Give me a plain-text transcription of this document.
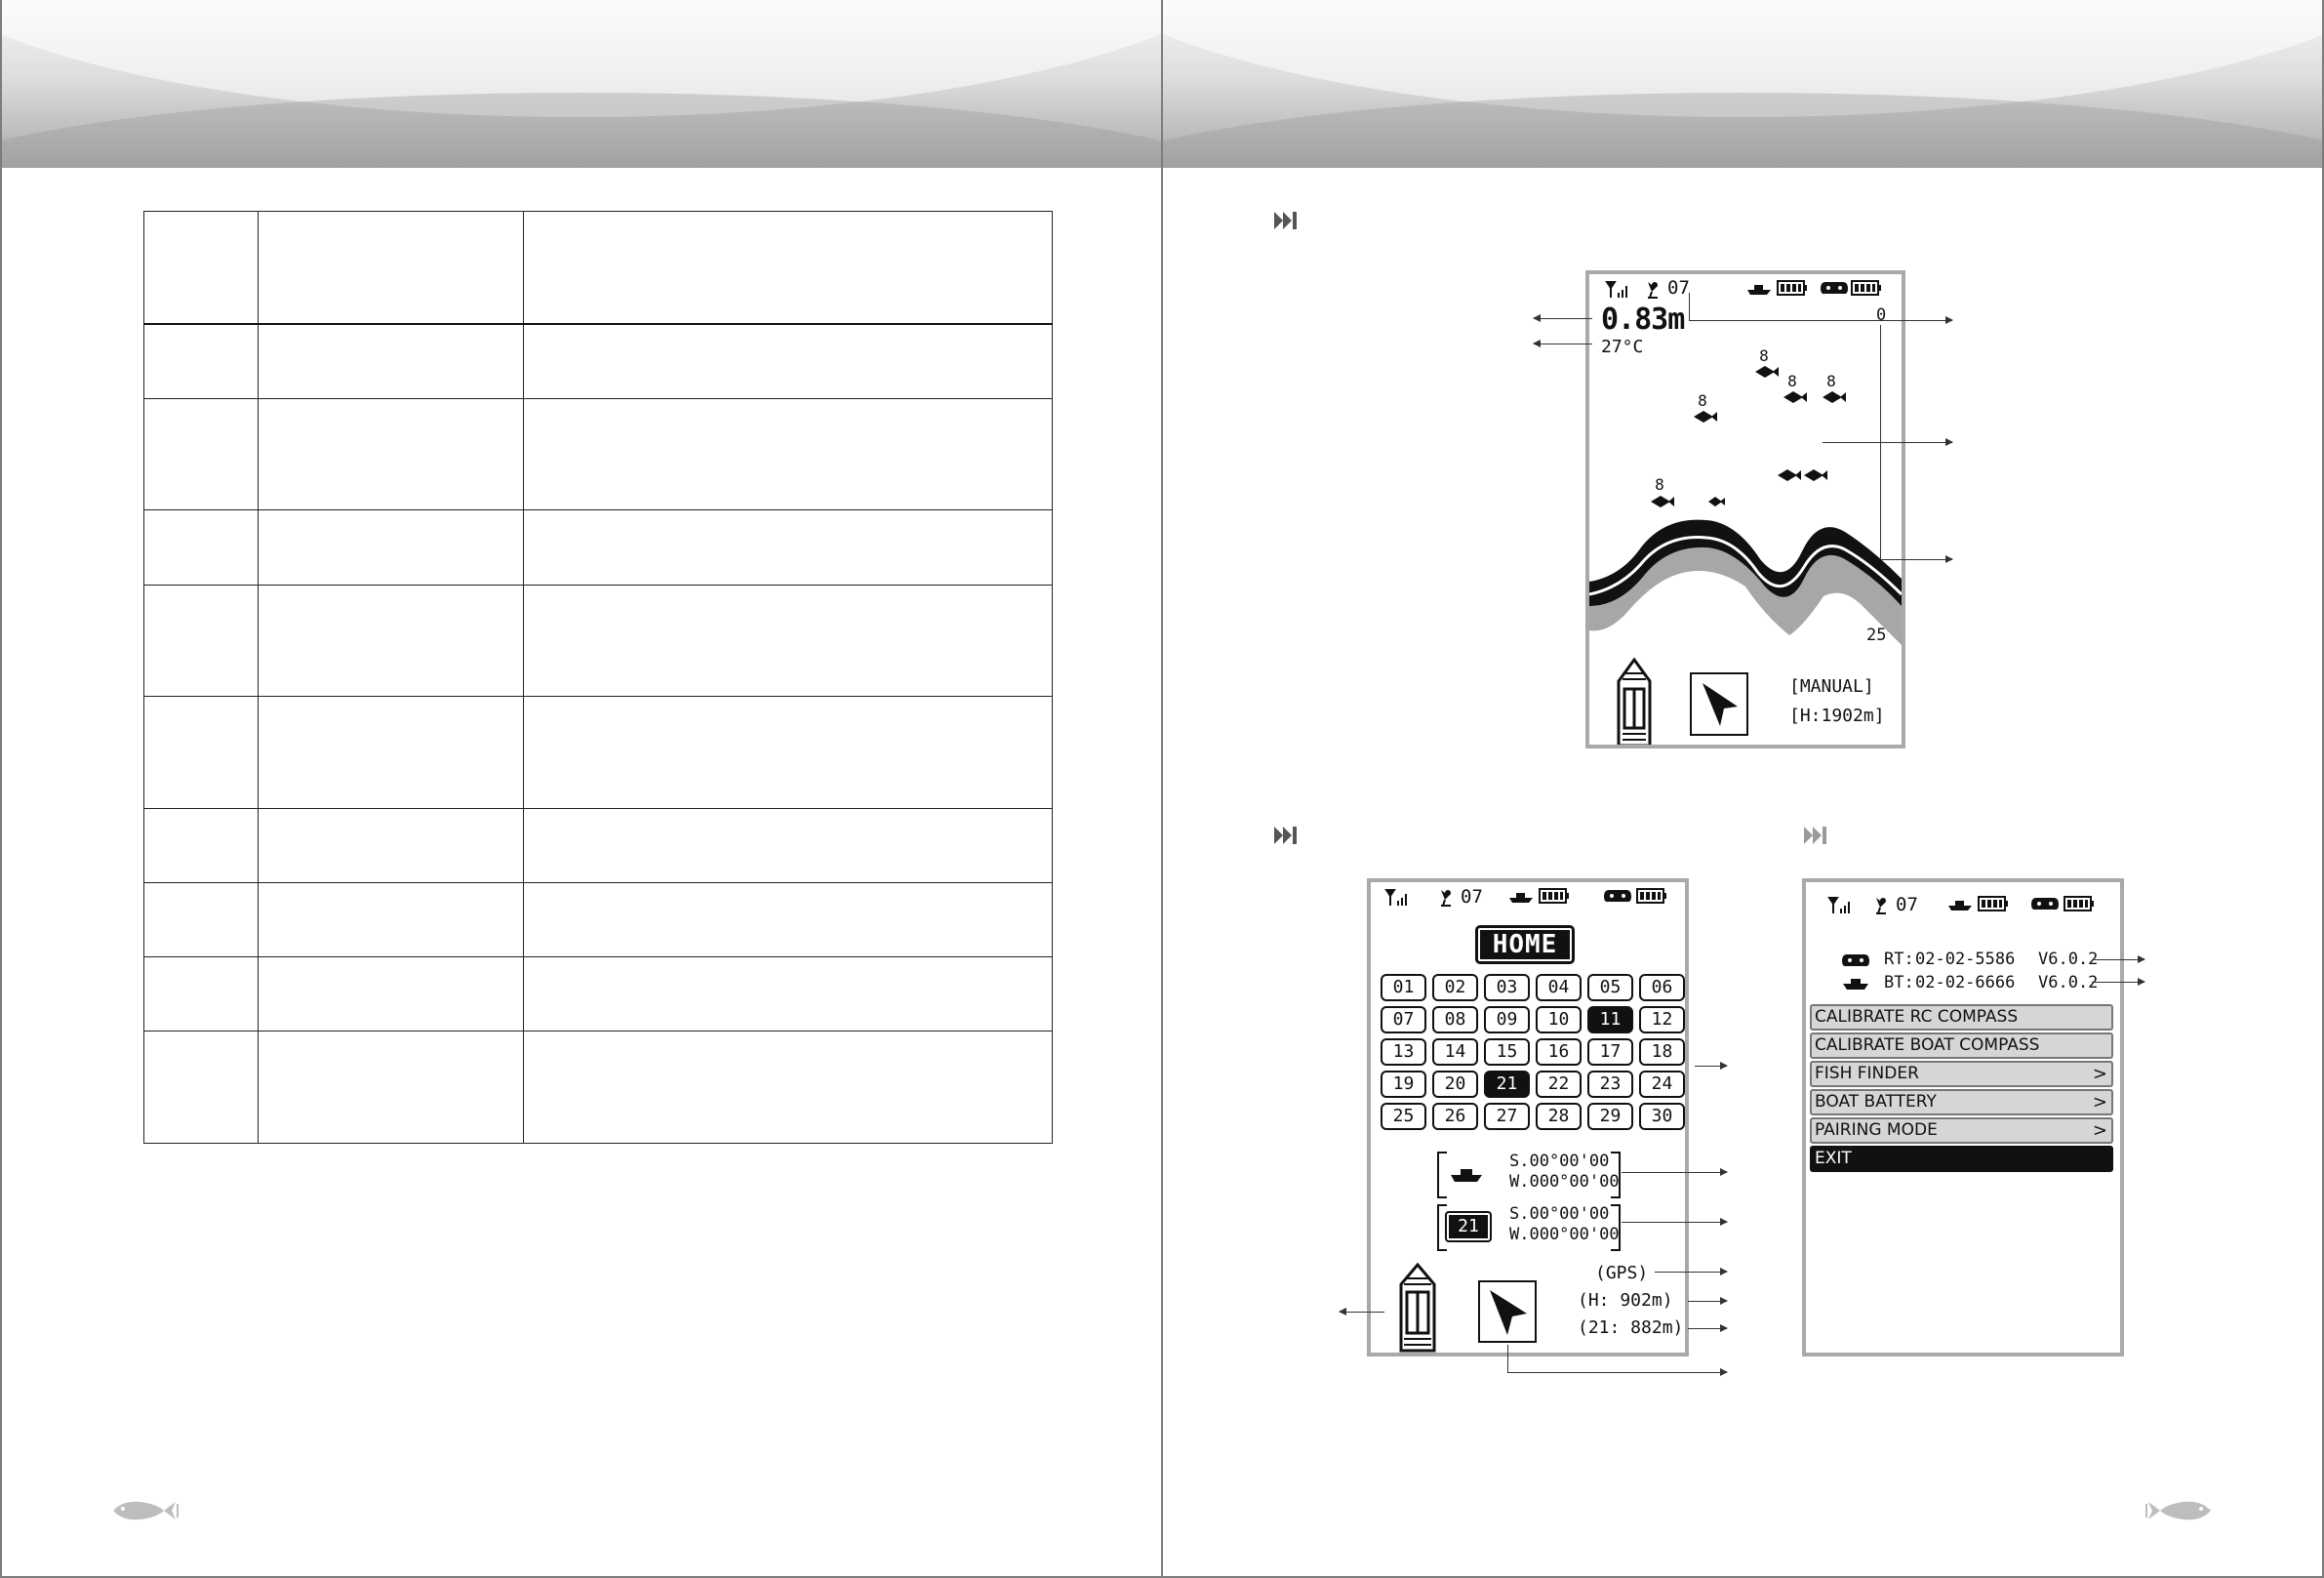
07
0.83m
27°C
0
25
8
8	8
8
8
[MANUAL]
[H:1902m]
07
HOME
01	02	03	04	05	06
07	08	09	10	11	12
13	14	15	16	17	18
19	20	21	22	23	24
25	26	27	28	29	30
S.00°00'00
W.000°00'00
21
S.00°00'00
W.000°00'00
(GPS)
(H: 902m)
(21: 882m)
07
RT: 02-02-5586 V6.0.2
BT: 02-02-6666 V6.0.2
CALIBRATE RC COMPASS
CALIBRATE BOAT COMPASS
FISH FINDER	>
BOAT BATTERY	>
PAIRING MODE	>
EXIT
